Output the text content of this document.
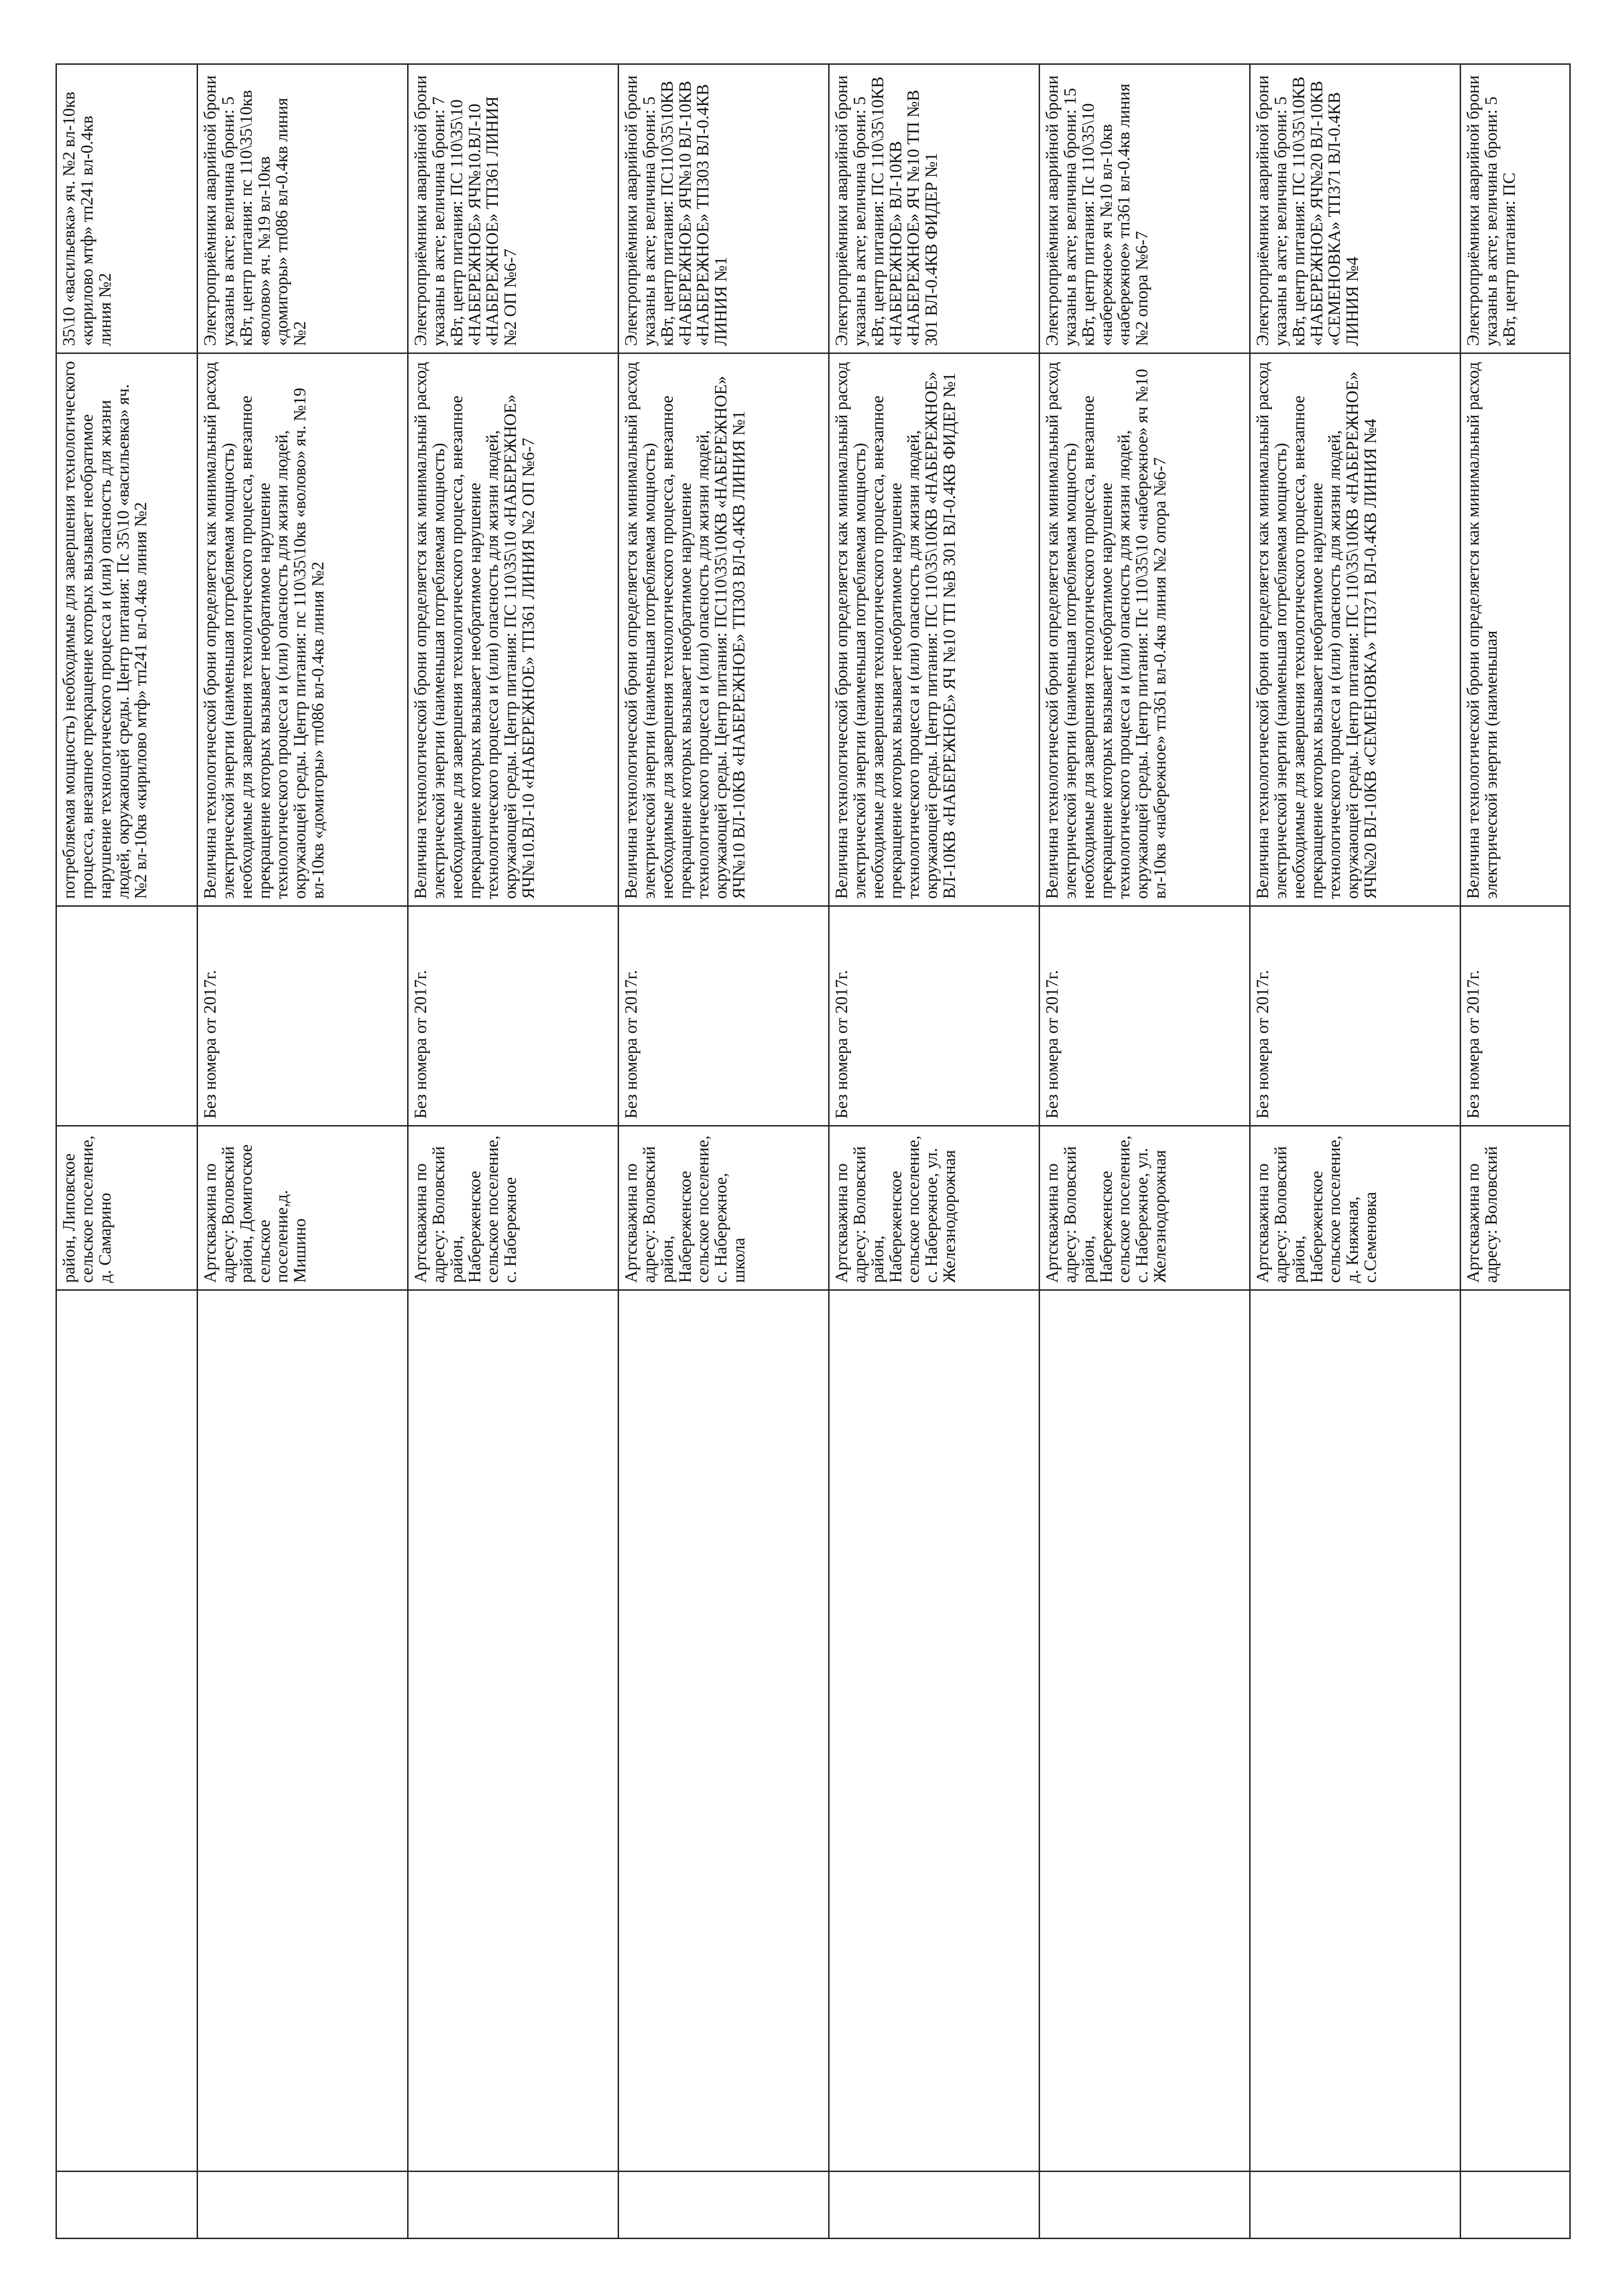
		район, Липовское сельское поселение, д. Самарино		потребляемая мощность) необходимые для завершения технологического процесса, внезапное прекращение которых вызывает необратимое нарушение технологического процесса и (или) опасность для жизни людей, окружающей среды. Центр питания: Пс 35\10 «васильевка» яч. №2 вл-10кв «кирилово мтф» тп241 вл-0.4кв линия №2	35\10 «васильевка» яч. №2 вл-10кв «кирилово мтф» тп241 вл-0.4кв линия №2
		Артскважина по адресу: Воловский район, Домигоское сельское поселение,д. Мишино	Без номера от 2017г.	Величина технологической брони определяется как минимальный расход электрической энергии (наименьшая потребляемая мощность) необходимые для завершения технологического процесса, внезапное прекращение которых вызывает необратимое нарушение технологического процесса и (или) опасность для жизни людей, окружающей среды. Центр питания: пс 110\35\10кв «волово» яч. №19 вл-10кв «домигоры» тп086 вл-0.4кв линия №2	Электроприёмники аварийной брони указаны в акте; величина брони: 5 кВт, центр питания: пс 110\35\10кв «волово» яч. №19 вл-10кв «домигоры» тп086 вл-0.4кв линия №2
		Артскважина по адресу: Воловский район, Набереженское сельское поселение, с. Набережное	Без номера от 2017г.	Величина технологической брони определяется как минимальный расход электрической энергии (наименьшая потребляемая мощность) необходимые для завершения технологического процесса, внезапное прекращение которых вызывает необратимое нарушение технологического процесса и (или) опасность для жизни людей, окружающей среды. Центр питания: ПС 110\35\10 «НАБЕРЕЖНОЕ» ЯЧ№10.ВЛ-10 «НАБЕРЕЖНОЕ» ТП361 ЛИНИЯ №2 ОП №6-7	Электроприёмники аварийной брони указаны в акте; величина брони: 7 кВт, центр питания: ПС 110\35\10 «НАБЕРЕЖНОЕ» ЯЧ№10.ВЛ-10 «НАБЕРЕЖНОЕ» ТП361 ЛИНИЯ №2 ОП №6-7
		Артскважина по адресу: Воловский район, Набереженское сельское поселение, с. Набережное, школа	Без номера от 2017г.	Величина технологической брони определяется как минимальный расход электрической энергии (наименьшая потребляемая мощность) необходимые для завершения технологического процесса, внезапное прекращение которых вызывает необратимое нарушение технологического процесса и (или) опасность для жизни людей, окружающей среды. Центр питания: ПС110\35\10КВ «НАБЕРЕЖНОЕ» ЯЧ№10 ВЛ-10КВ «НАБЕРЕЖНОЕ» ТП303 ВЛ-0.4КВ ЛИНИЯ №1	Электроприёмники аварийной брони указаны в акте; величина брони: 5 кВт, центр питания: ПС110\35\10КВ «НАБЕРЕЖНОЕ» ЯЧ№10 ВЛ-10КВ «НАБЕРЕЖНОЕ» ТП303 ВЛ-0.4КВ ЛИНИЯ №1
		Артскважина по адресу: Воловский район, Набереженское сельское поселение, с. Набережное, ул. Железнодорожная	Без номера от 2017г.	Величина технологической брони определяется как минимальный расход электрической энергии (наименьшая потребляемая мощность) необходимые для завершения технологического процесса, внезапное прекращение которых вызывает необратимое нарушение технологического процесса и (или) опасность для жизни людей, окружающей среды. Центр питания: ПС 110\35\10КВ «НАБЕРЕЖНОЕ» ВЛ-10КВ «НАБЕРЕЖНОЕ» ЯЧ №10 ТП №В 301 ВЛ-0.4КВ ФИДЕР №1	Электроприёмники аварийной брони указаны в акте; величина брони: 5 кВт, центр питания: ПС 110\35\10КВ «НАБЕРЕЖНОЕ» ВЛ-10КВ «НАБЕРЕЖНОЕ» ЯЧ №10 ТП №В 301 ВЛ-0.4КВ ФИДЕР №1
		Артскважина по адресу: Воловский район, Набереженское сельское поселение, с. Набережное, ул. Железнодорожная	Без номера от 2017г.	Величина технологической брони определяется как минимальный расход электрической энергии (наименьшая потребляемая мощность) необходимые для завершения технологического процесса, внезапное прекращение которых вызывает необратимое нарушение технологического процесса и (или) опасность для жизни людей, окружающей среды. Центр питания: Пс 110\35\10 «набережное» яч №10 вл-10кв «набережное» тп361 вл-0.4кв линия №2 опора №6-7	Электроприёмники аварийной брони указаны в акте; величина брони: 15 кВт, центр питания: Пс 110\35\10 «набережное» яч №10 вл-10кв «набережное» тп361 вл-0.4кв линия №2 опора №6-7
		Артскважина по адресу: Воловский район, Набереженское сельское поселение, д. Княжная, с.Семеновка	Без номера от 2017г.	Величина технологической брони определяется как минимальный расход электрической энергии (наименьшая потребляемая мощность) необходимые для завершения технологического процесса, внезапное прекращение которых вызывает необратимое нарушение технологического процесса и (или) опасность для жизни людей, окружающей среды. Центр питания: ПС 110\35\10КВ «НАБЕРЕЖНОЕ» ЯЧ№20 ВЛ-10КВ «СЕМЕНОВКА» ТП371 ВЛ-0.4КВ ЛИНИЯ №4	Электроприёмники аварийной брони указаны в акте; величина брони: 5 кВт, центр питания: ПС 110\35\10КВ «НАБЕРЕЖНОЕ» ЯЧ№20 ВЛ-10КВ «СЕМЕНОВКА» ТП371 ВЛ-0.4КВ ЛИНИЯ №4
		Артскважина по адресу: Воловский	Без номера от 2017г.	Величина технологической брони определяется как минимальный расход электрической энергии (наименьшая	Электроприёмники аварийной брони указаны в акте; величина брони: 5 кВт, центр питания: ПС
